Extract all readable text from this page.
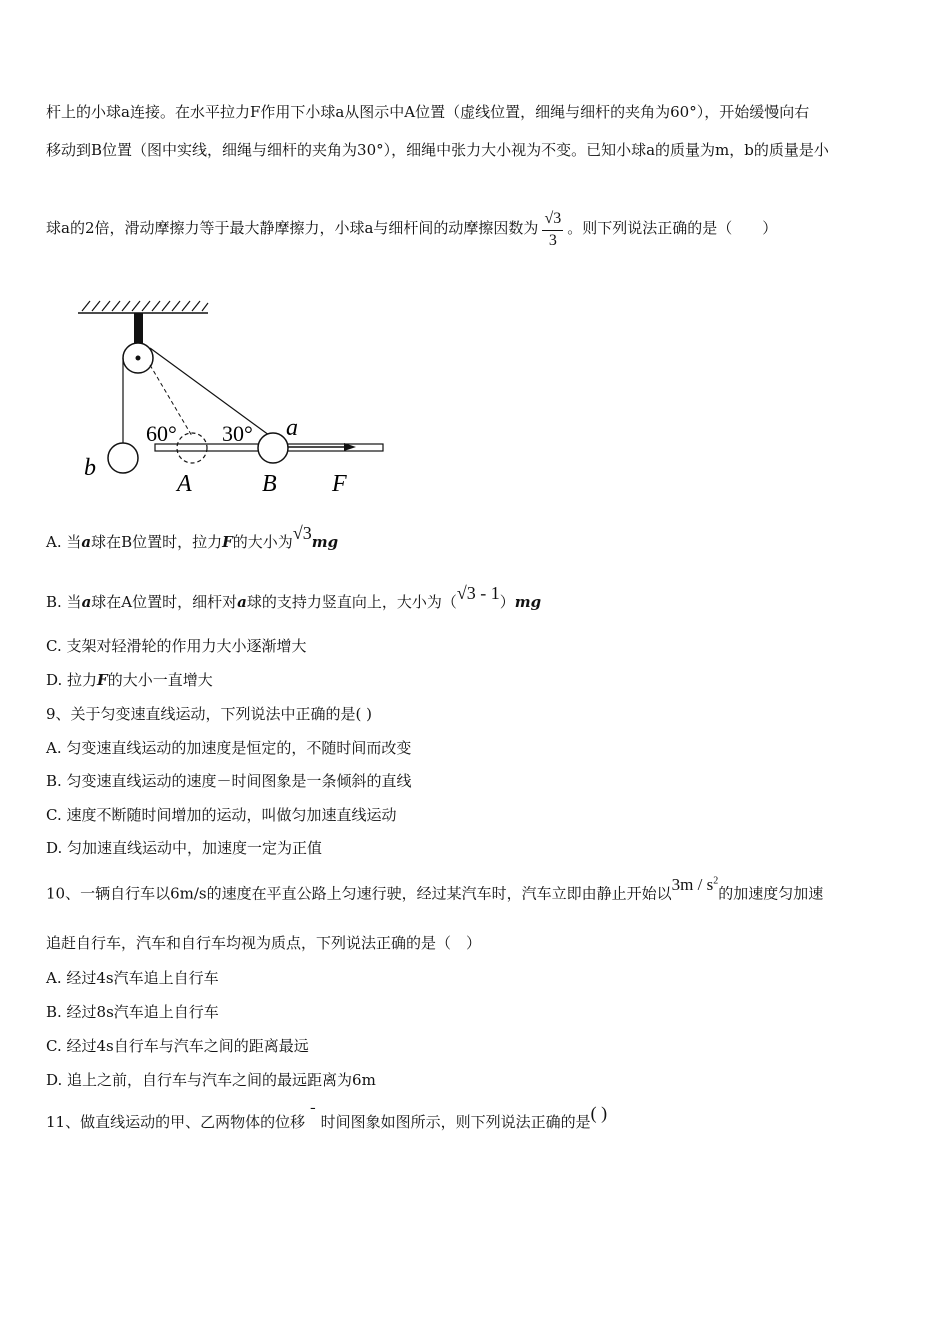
杆上的小球a连接。在水平拉力F作用下小球a从图示中A位置（虚线位置，细绳与细杆的夹角为60°），开始缓慢向右
移动到B位置（图中实线，细绳与细杆的夹角为30°），细绳中张力大小视为不变。已知小球a的质量为m，b的质量是小
球a的2倍，滑动摩擦力等于最大静摩擦力，小球a与细杆间的动摩擦因数为 $\frac{√3}{3}$ 。则下列说法正确的是（　　）
60° 30° a
b
A	B F
A. 当a球在B位置时，拉力F的大小为√3mg
B. 当a球在A位置时，细杆对a球的支持力竖直向上，大小为（√3 - 1）mg
C. 支架对轻滑轮的作用力大小逐渐增大
D. 拉力F的大小一直增大
9、关于匀变速直线运动，下列说法中正确的是( )
A. 匀变速直线运动的加速度是恒定的，不随时间而改变
B. 匀变速直线运动的速度－时间图象是一条倾斜的直线
C. 速度不断随时间增加的运动，叫做匀加速直线运动
D. 匀加速直线运动中，加速度一定为正值
10、一辆自行车以6m/s的速度在平直公路上匀速行驶，经过某汽车时，汽车立即由静止开始以$3m / s^2$的加速度匀加速
追赶自行车，汽车和自行车均视为质点，下列说法正确的是（　）
A. 经过4s汽车追上自行车
B. 经过8s汽车追上自行车
C. 经过4s自行车与汽车之间的距离最远
D. 追上之前，自行车与汽车之间的最远距离为6m
11、做直线运动的甲、乙两物体的位移 ˉ 时间图象如图所示，则下列说法正确的是( )
